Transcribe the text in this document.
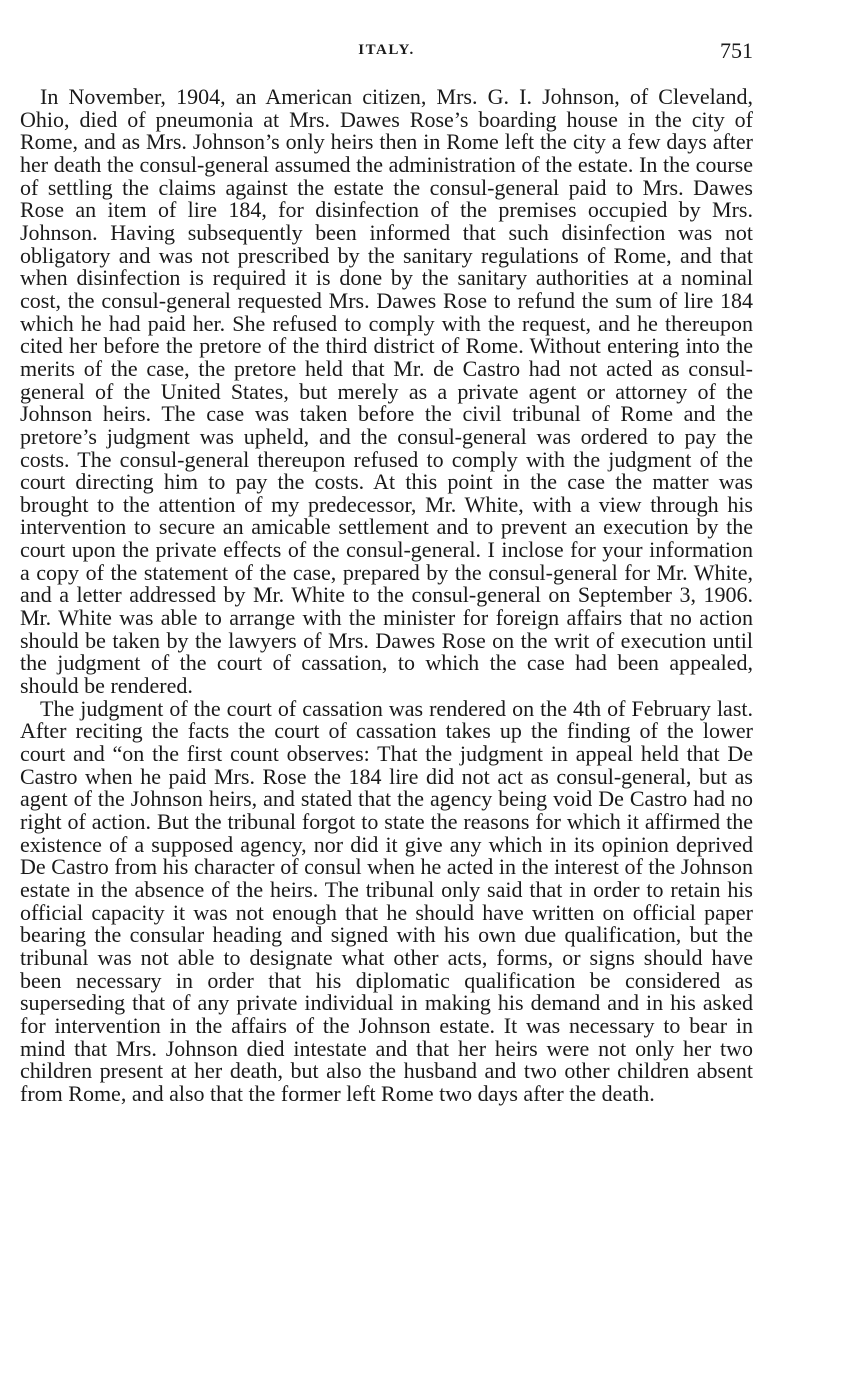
ITALY.	751

In November, 1904, an American citizen, Mrs. G. I. Johnson, of Cleveland, Ohio, died of pneumonia at Mrs. Dawes Rose’s boarding house in the city of Rome, and as Mrs. Johnson’s only heirs then in Rome left the city a few days after her death the consul-general assumed the administration of the estate. In the course of settling the claims against the estate the consul-general paid to Mrs. Dawes Rose an item of lire 184, for disinfection of the premises occupied by Mrs. Johnson. Having subsequently been informed that such disinfection was not obligatory and was not prescribed by the sanitary regulations of Rome, and that when disinfection is required it is done by the sanitary authorities at a nominal cost, the consul-general requested Mrs. Dawes Rose to refund the sum of lire 184 which he had paid her. She refused to comply with the request, and he thereupon cited her before the pretore of the third district of Rome. Without entering into the merits of the case, the pretore held that Mr. de Castro had not acted as consul-general of the United States, but merely as a private agent or attorney of the Johnson heirs. The case was taken before the civil tribunal of Rome and the pretore’s judgment was upheld, and the consul-general was ordered to pay the costs. The consul-general thereupon refused to comply with the judgment of the court directing him to pay the costs. At this point in the case the matter was brought to the attention of my predecessor, Mr. White, with a view through his intervention to secure an amicable settlement and to prevent an execution by the court upon the private effects of the consul-general. I inclose for your information a copy of the statement of the case, prepared by the consul-general for Mr. White, and a letter addressed by Mr. White to the consul-general on September 3, 1906. Mr. White was able to arrange with the minister for foreign affairs that no action should be taken by the lawyers of Mrs. Dawes Rose on the writ of execution until the judgment of the court of cassation, to which the case had been appealed, should be rendered.

The judgment of the court of cassation was rendered on the 4th of February last. After reciting the facts the court of cassation takes up the finding of the lower court and “on the first count observes: That the judgment in appeal held that De Castro when he paid Mrs. Rose the 184 lire did not act as consul-general, but as agent of the Johnson heirs, and stated that the agency being void De Castro had no right of action. But the tribunal forgot to state the reasons for which it affirmed the existence of a supposed agency, nor did it give any which in its opinion deprived De Castro from his character of consul when he acted in the interest of the Johnson estate in the absence of the heirs. The tribunal only said that in order to retain his official capacity it was not enough that he should have written on official paper bearing the consular heading and signed with his own due qualification, but the tribunal was not able to designate what other acts, forms, or signs should have been necessary in order that his diplomatic qualification be considered as superseding that of any private individual in making his demand and in his asked for intervention in the affairs of the Johnson estate. It was necessary to bear in mind that Mrs. Johnson died intestate and that her heirs were not only her two children present at her death, but also the husband and two other children absent from Rome, and also that the former left Rome two days after the death.
